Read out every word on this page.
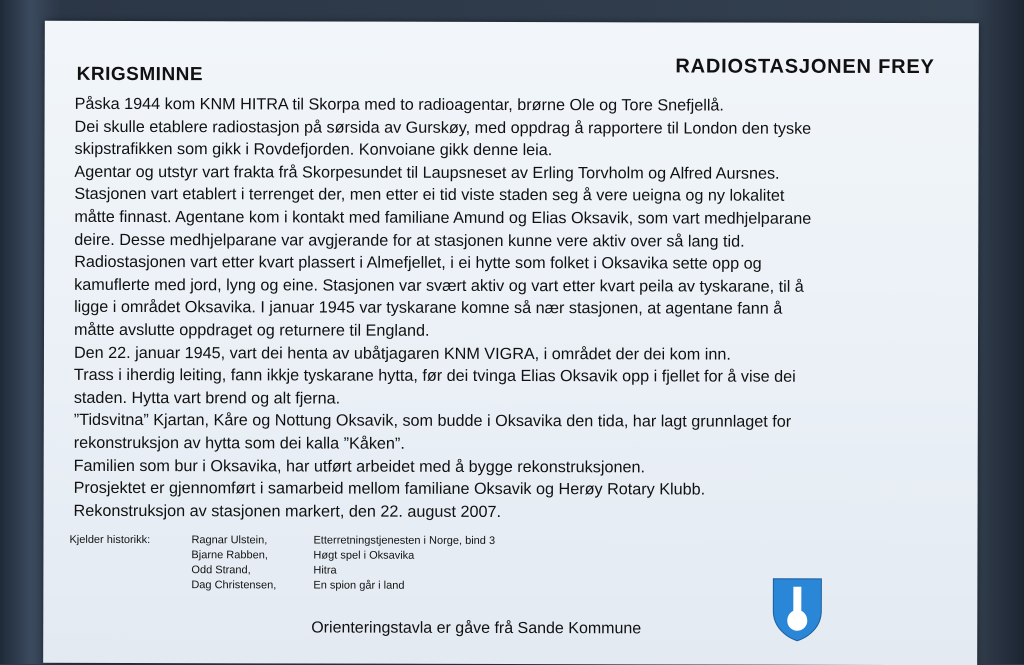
KRIGSMINNE	RADIOSTASJONEN FREY
Påska 1944 kom KNM HITRA til Skorpa med to radioagentar, brørne Ole og Tore Snefjellå.
Dei skulle etablere radiostasjon på sørsida av Gurskøy, med oppdrag å rapportere til London den tyske
skipstrafikken som gikk i Rovdefjorden. Konvoiane gikk denne leia.
Agentar og utstyr vart frakta frå Skorpesundet til Laupsneset av Erling Torvholm og Alfred Aursnes.
Stasjonen vart etablert i terrenget der, men etter ei tid viste staden seg å vere ueigna og ny lokalitet
måtte finnast. Agentane kom i kontakt med familiane Amund og Elias Oksavik, som vart medhjelparane
deire. Desse medhjelparane var avgjerande for at stasjonen kunne vere aktiv over så lang tid.
Radiostasjonen vart etter kvart plassert i Almefjellet, i ei hytte som folket i Oksavika sette opp og
kamuflerte med jord, lyng og eine. Stasjonen var svært aktiv og vart etter kvart peila av tyskarane, til å
ligge i området Oksavika. I januar 1945 var tyskarane komne så nær stasjonen, at agentane fann å
måtte avslutte oppdraget og returnere til England.
Den 22. januar 1945, vart dei henta av ubåtjagaren KNM VIGRA, i området der dei kom inn.
Trass i iherdig leiting, fann ikkje tyskarane hytta, før dei tvinga Elias Oksavik opp i fjellet for å vise dei
staden. Hytta vart brend og alt fjerna.
”Tidsvitna” Kjartan, Kåre og Nottung Oksavik, som budde i Oksavika den tida, har lagt grunnlaget for
rekonstruksjon av hytta som dei kalla ”Kåken”.
Familien som bur i Oksavika, har utført arbeidet med å bygge rekonstruksjonen.
Prosjektet er gjennomført i samarbeid mellom familiane Oksavik og Herøy Rotary Klubb.
Rekonstruksjon av stasjonen markert, den 22. august 2007.
Kjelder historikk:	Ragnar Ulstein,
Bjarne Rabben,
Odd Strand,
Dag Christensen,
Etterretningstjenesten i Norge, bind 3
Høgt spel i Oksavika
Hitra
En spion går i land
Orienteringstavla er gåve frå Sande Kommune
